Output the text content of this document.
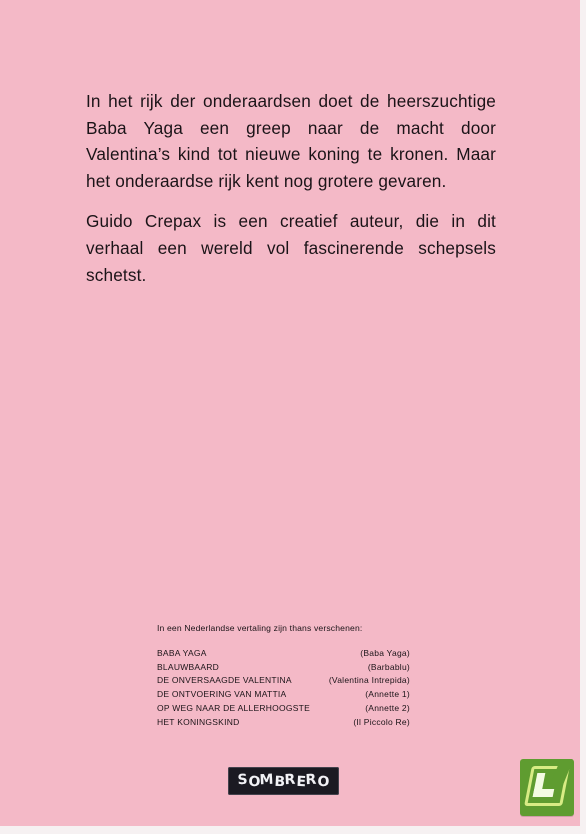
In het rijk der onderaardsen doet de heerszuchtige Baba Yaga een greep naar de macht door Valentina’s kind tot nieuwe koning te kronen. Maar het onderaardse rijk kent nog grotere gevaren.

Guido Crepax is een creatief auteur, die in dit verhaal een wereld vol fascinerende schepsels schetst.

In een Nederlandse vertaling zijn thans verschenen:
BABA YAGA	(Baba Yaga)
BLAUWBAARD	(Barbablu)
DE ONVERSAAGDE VALENTINA	(Valentina Intrepida)
DE ONTVOERING VAN MATTIA	(Annette 1)
OP WEG NAAR DE ALLERHOOGSTE	(Annette 2)
HET KONINGSKIND	(Il Piccolo Re)
S O
M B
R E
R O
